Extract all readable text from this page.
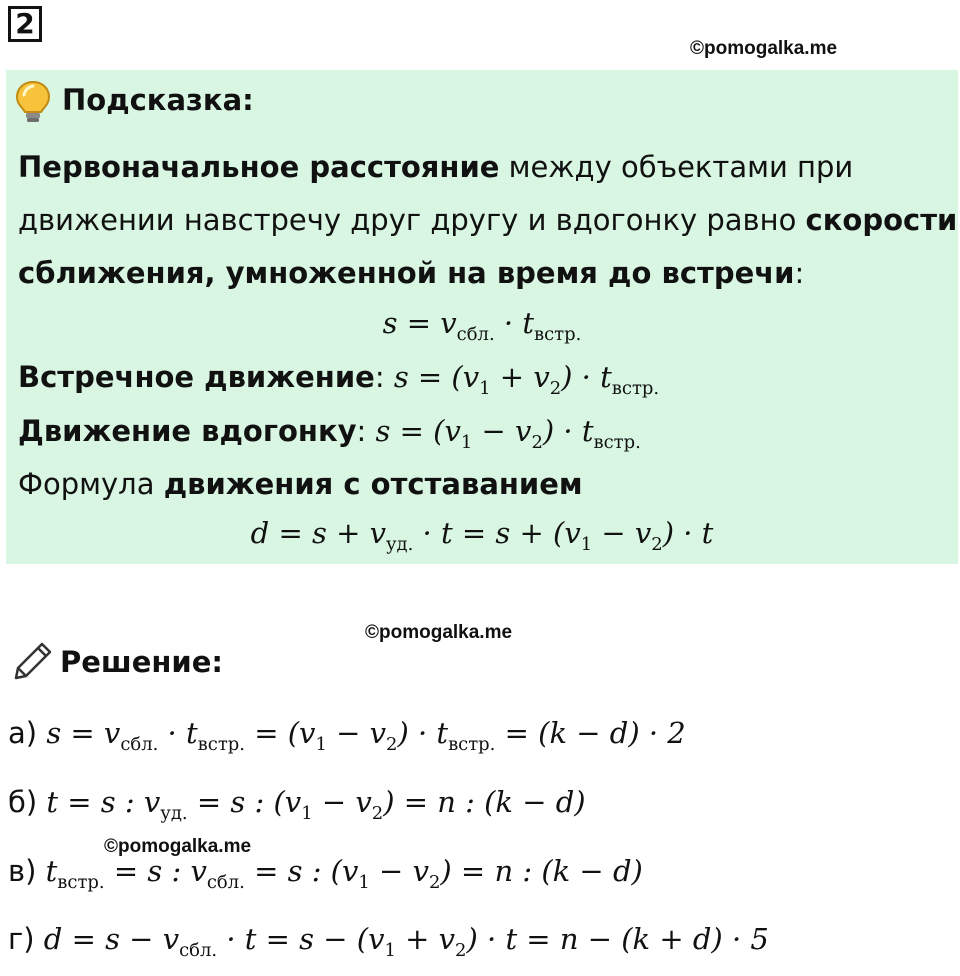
2
©pomogalka.me
Подсказка:
Первоначальное расстояние между объектами при
движении навстречу друг другу и вдогонку равно скорости
сближения, умноженной на время до встречи:
$s = v_{сбл.} \cdot t_{встр.}$
Встречное движение: $s = (v_1 + v_2) \cdot t_{встр.}$
Движение вдогонку: $s = (v_1 - v_2) \cdot t_{встр.}$
Формула движения с отставанием
$d = s + v_{уд.} \cdot t = s + (v_1 - v_2) \cdot t$
©pomogalka.me
Решение:
а) $s = v_{сбл.} \cdot t_{встр.} = (v_1 - v_2) \cdot t_{встр.} = (k - d) \cdot 2$
б) t = s : $v_{уд.} = s$ : $(v_1 - v_2) = n$ : (k − d)
©pomogalka.me
в) $t_{встр.} = s$ : $v_{сбл.} = s$ : $(v_1 - v_2) = n$ : (k − d)
г) $d = s - v_{сбл.} \cdot t = s - (v_1 + v_2) \cdot t = n - (k + d) \cdot 5$
